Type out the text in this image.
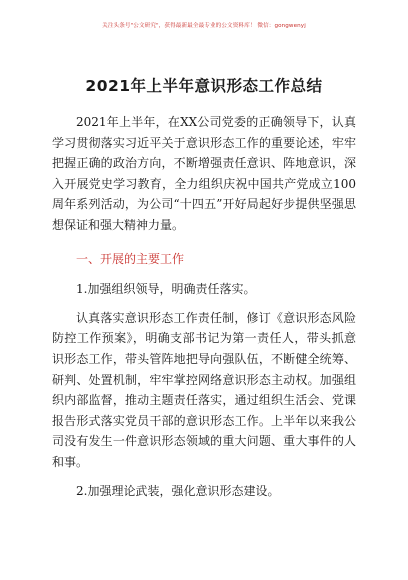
关注头条号"公文研究"，获得最新最全最专业的公文资料库！ 微信：gongwenyj
2021年上半年意识形态工作总结

2021年上半年，在XX公司党委的正确领导下，认真学习贯彻落实习近平关于意识形态工作的重要论述，牢牢把握正确的政治方向，不断增强责任意识、阵地意识，深入开展党史学习教育，全力组织庆祝中国共产党成立100周年系列活动，为公司“十四五”开好局起好步提供坚强思想保证和强大精神力量。

一、开展的主要工作

1.加强组织领导，明确责任落实。

认真落实意识形态工作责任制，修订《意识形态风险防控工作预案》，明确支部书记为第一责任人，带头抓意识形态工作，带头管阵地把导向强队伍，不断健全统筹、研判、处置机制，牢牢掌控网络意识形态主动权。加强组织内部监督，推动主题责任落实，通过组织生活会、党课报告形式落实党员干部的意识形态工作。上半年以来我公司没有发生一件意识形态领域的重大问题、重大事件的人和事。

2.加强理论武装，强化意识形态建设。
